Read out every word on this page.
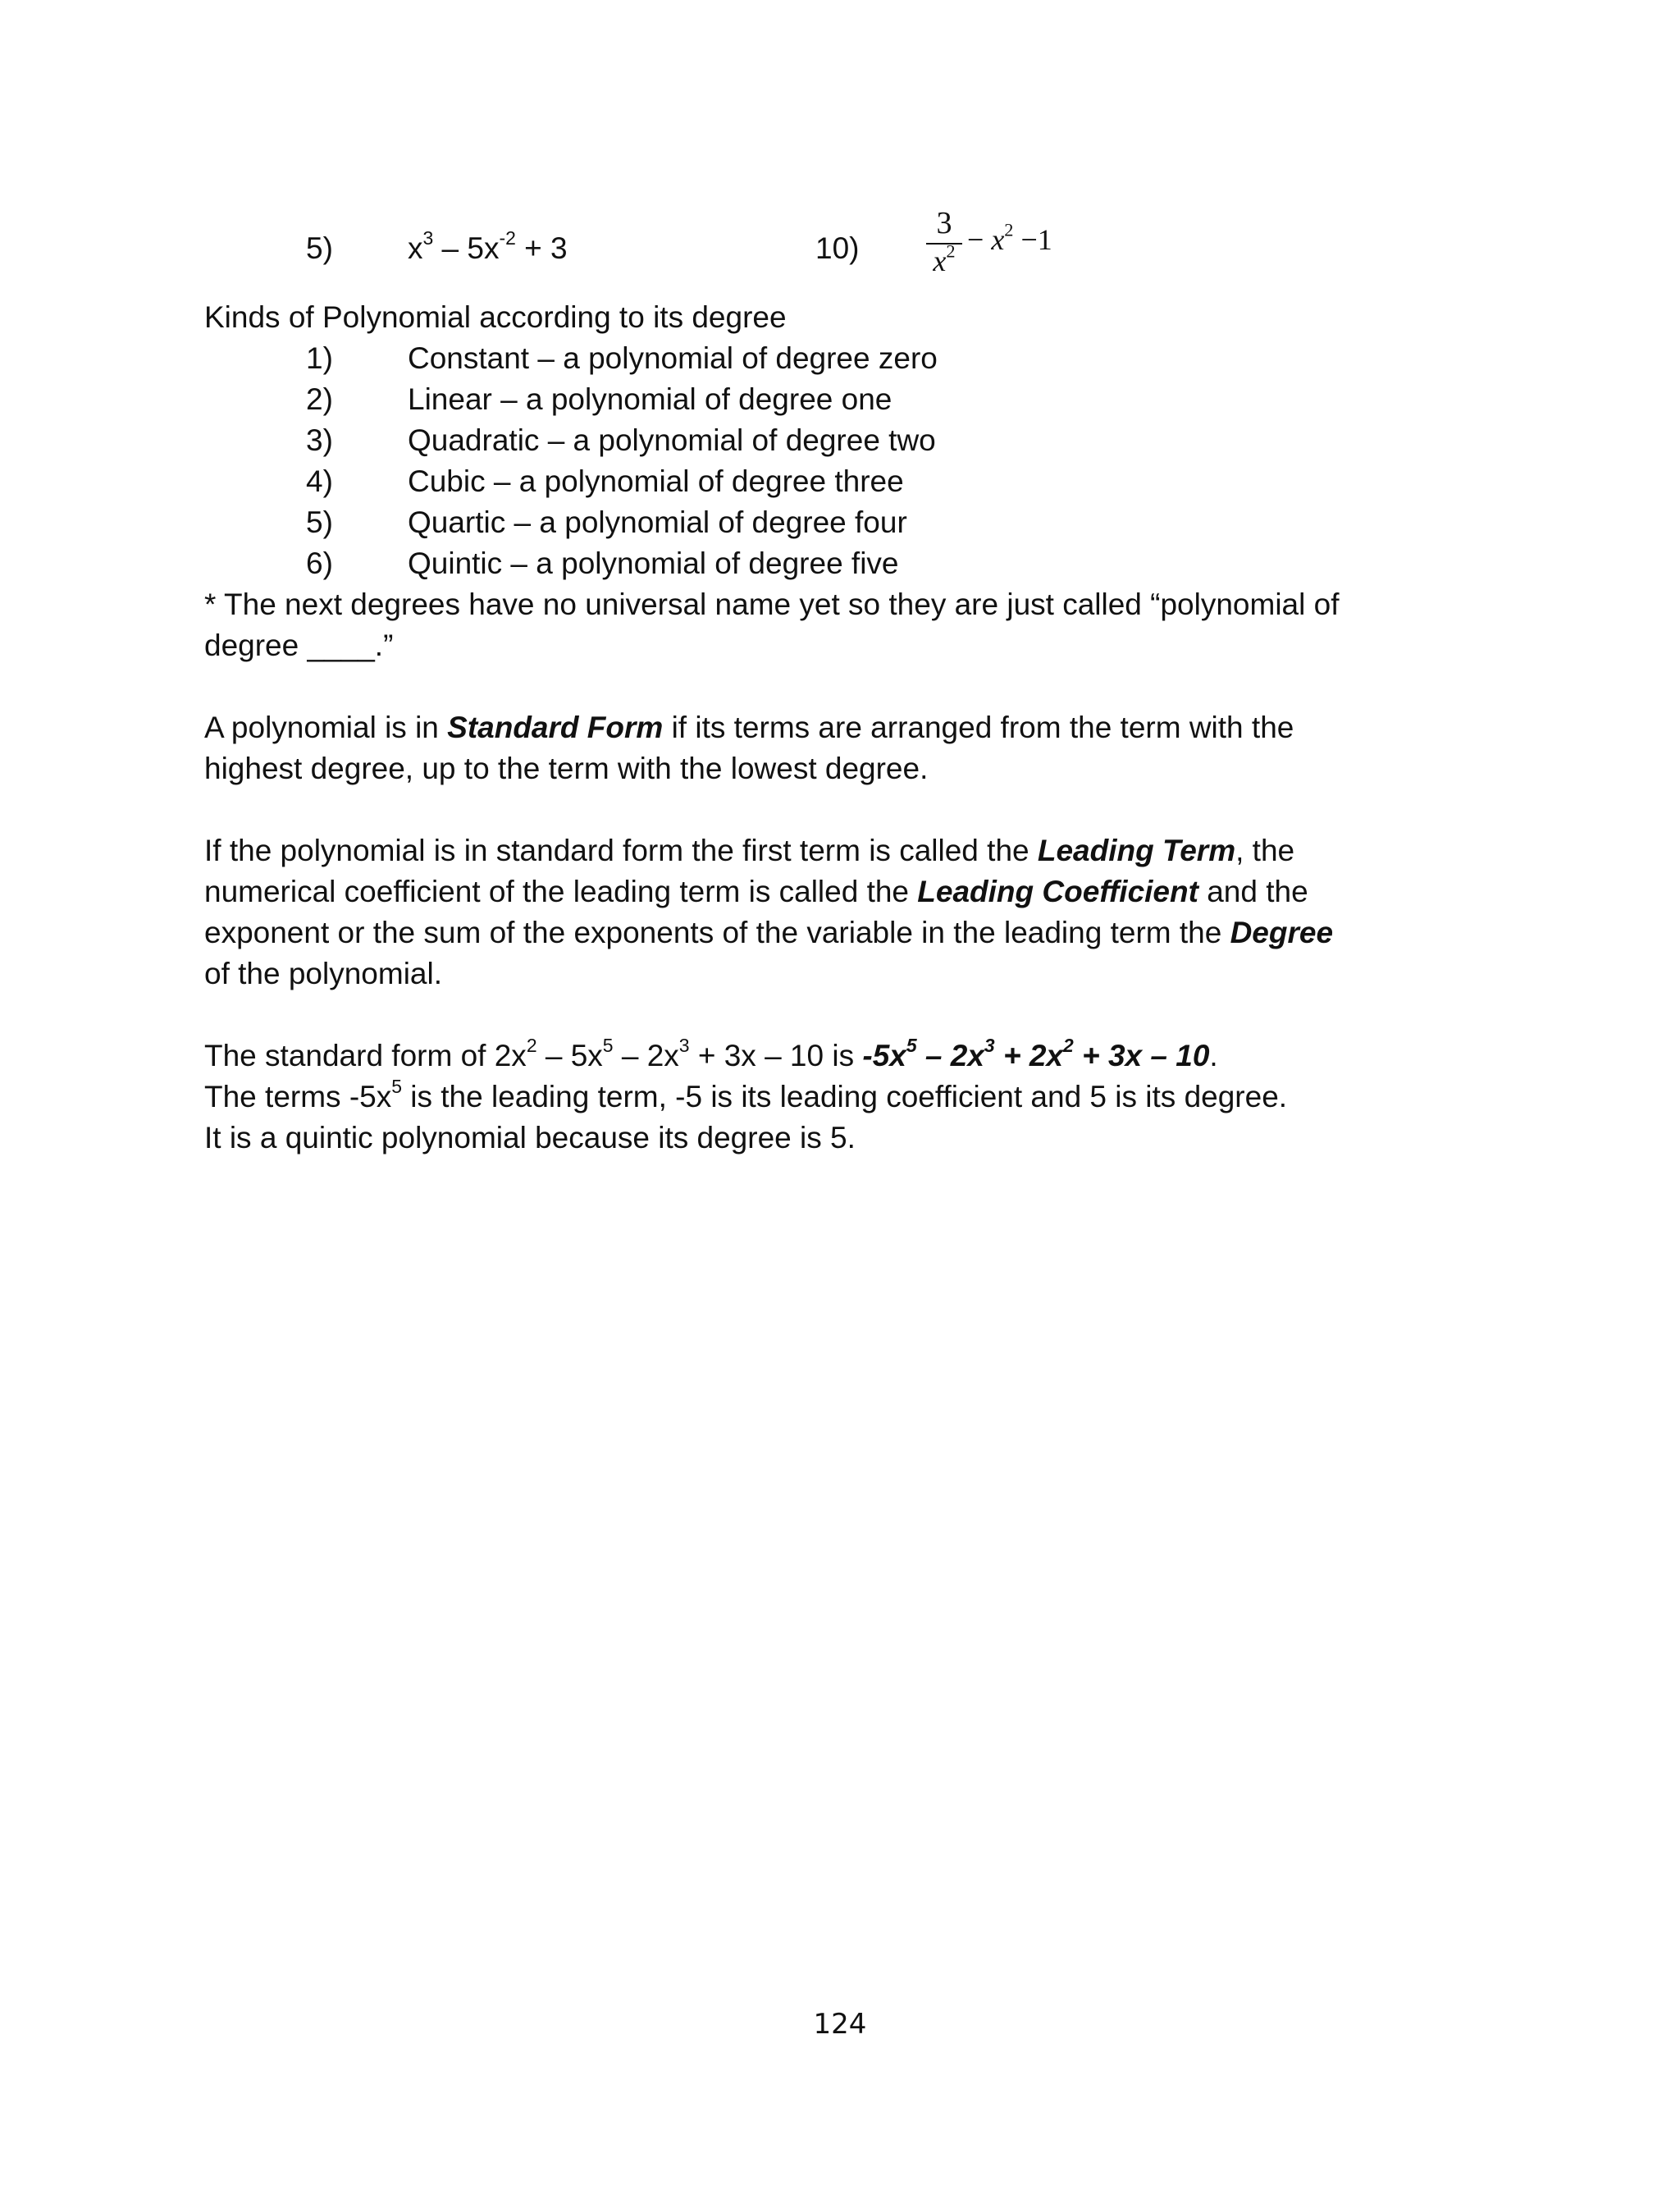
5) $x^3 - 5x^{-2} + 3$	10)
3
$x^2 - x^2 -1$
Kinds of Polynomial according to its degree
1) Constant – a polynomial of degree zero
2) Linear – a polynomial of degree one
3) Quadratic – a polynomial of degree two
4) Cubic – a polynomial of degree three
5) Quartic – a polynomial of degree four
6) Quintic – a polynomial of degree five
* The next degrees have no universal name yet so they are just called “polynomial of
degree ____.”
A polynomial is in Standard Form if its terms are arranged from the term with the
highest degree, up to the term with the lowest degree.
If the polynomial is in standard form the first term is called the Leading Term, the
numerical coefficient of the leading term is called the Leading Coefficient and the
exponent or the sum of the exponents of the variable in the leading term the Degree
of the polynomial.
The standard form of $2x^2 - 5x^5 - 2x^3 + 3x - 10$ is $-5x^5 - 2x^3 + 2x^2 + 3x - 10$.
The terms $-5x^5$ is the leading term, -5 is its leading coefficient and 5 is its degree.
It is a quintic polynomial because its degree is 5.
124
